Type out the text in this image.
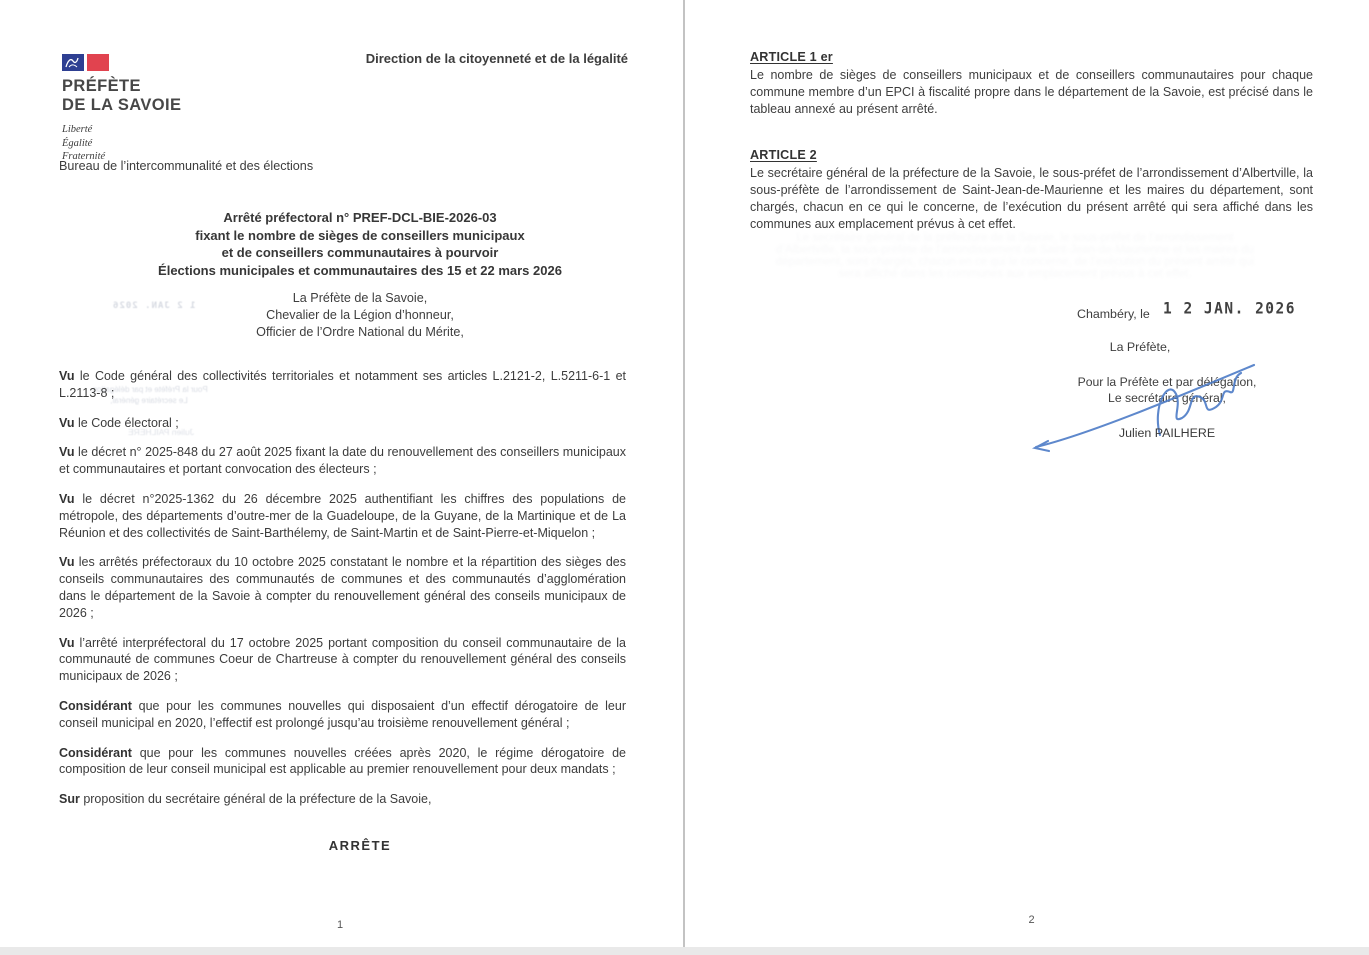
PRÉFÈTE
DE LA SAVOIE
Liberté
Égalité
Fraternité
Direction de la citoyenneté et de la légalité
Bureau de l’intercommunalité et des élections
Arrêté préfectoral n° PREF-DCL-BIE-2026-03
fixant le nombre de sièges de conseillers municipaux
et de conseillers communautaires à pourvoir
Élections municipales et communautaires des 15 et 22 mars 2026
La Préfète de la Savoie,
Chevalier de la Légion d’honneur,
Officier de l’Ordre National du Mérite,
1 2 JAN. 2026
Pour la Préfète et par délégation,
Le secrétaire général,
Julien PAILHERE

Vu le Code général des collectivités territoriales et notamment ses articles L.2121-2, L.5211-6-1 et L.2113-8 ;

Vu le Code électoral ;

Vu le décret n° 2025-848 du 27 août 2025 fixant la date du renouvellement des conseillers municipaux et communautaires et portant convocation des électeurs ;

Vu le décret n°2025-1362 du 26 décembre 2025 authentifiant les chiffres des populations de métropole, des départements d’outre-mer de la Guadeloupe, de la Guyane, de la Martinique et de La Réunion et des collectivités de Saint-Barthélemy, de Saint-Martin et de Saint-Pierre-et-Miquelon ;

Vu les arrêtés préfectoraux du 10 octobre 2025 constatant le nombre et la répartition des sièges des conseils communautaires des communautés de communes et des communautés d’agglomération dans le département de la Savoie à compter du renouvellement général des conseils municipaux de 2026 ;

Vu l’arrêté interpréfectoral du 17 octobre 2025 portant composition du conseil communautaire de la communauté de communes Coeur de Chartreuse à compter du renouvellement général des conseils municipaux de 2026 ;

Considérant que pour les communes nouvelles qui disposaient d’un effectif dérogatoire de leur conseil municipal en 2020, l’effectif est prolongé jusqu’au troisième renouvellement général ;

Considérant que pour les communes nouvelles créées après 2020, le régime dérogatoire de composition de leur conseil municipal est applicable au premier renouvellement pour deux mandats ;

Sur proposition du secrétaire général de la préfecture de la Savoie,

ARRÊTE
1
Le secrétaire général de la préfecture de la Savoie, le sous-préfet de l’arrondissement d’Albertville, la sous-préfète de l’arrondissement de Saint-Jean-de-Maurienne et les maires du département, sont chargés, chacun en ce qui le concerne, de l’exécution du présent arrêté qui sera affiché dans les communes aux emplacement prévus à cet effet.
ARTICLE 1 er
Le nombre de sièges de conseillers municipaux et de conseillers communautaires pour chaque commune membre d’un EPCI à fiscalité propre dans le département de la Savoie, est précisé dans le tableau annexé au présent arrêté.
ARTICLE 2
Le secrétaire général de la préfecture de la Savoie, le sous-préfet de l’arrondissement d’Albertville, la sous-préfète de l’arrondissement de Saint-Jean-de-Maurienne et les maires du département, sont chargés, chacun en ce qui le concerne, de l’exécution du présent arrêté qui sera affiché dans les communes aux emplacement prévus à cet effet.
Chambéry, le 1 2 JAN. 2026
La Préfète,
Pour la Préfète et par délégation,
Le secrétaire général,
Julien PAILHERE
2
